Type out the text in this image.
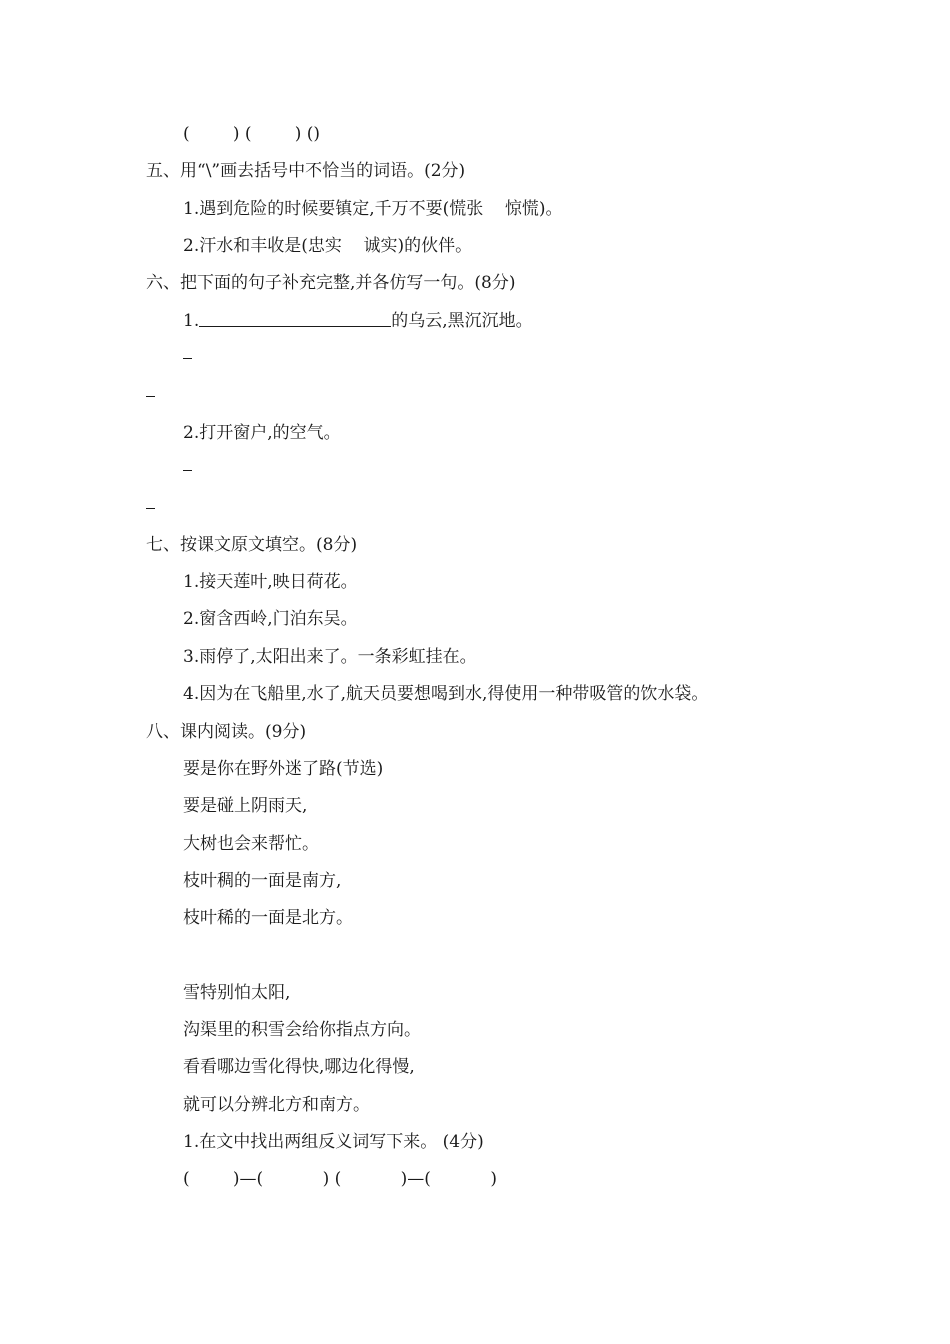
(        ) (        ) ()
五、用“\”画去括号中不恰当的词语。(2分)
1.遇到危险的时候要镇定,千万不要(慌张    惊慌)。
2.汗水和丰收是(忠实    诚实)的伙伴。
六、把下面的句子补充完整,并各仿写一句。(8分)
1.	的乌云,黑沉沉地。
2.打开窗户,的空气。
七、按课文原文填空。(8分)
1.接天莲叶,映日荷花。
2.窗含西岭,门泊东吴。
3.雨停了,太阳出来了。一条彩虹挂在。
4.因为在飞船里,水了,航天员要想喝到水,得使用一种带吸管的饮水袋。
八、课内阅读。(9分)
要是你在野外迷了路(节选)
要是碰上阴雨天,
大树也会来帮忙。
枝叶稠的一面是南方,
枝叶稀的一面是北方。
雪特别怕太阳,
沟渠里的积雪会给你指点方向。
看看哪边雪化得快,哪边化得慢,
就可以分辨北方和南方。
1.在文中找出两组反义词写下来。 (4分)
(        )—(           ) (           )—(           )
